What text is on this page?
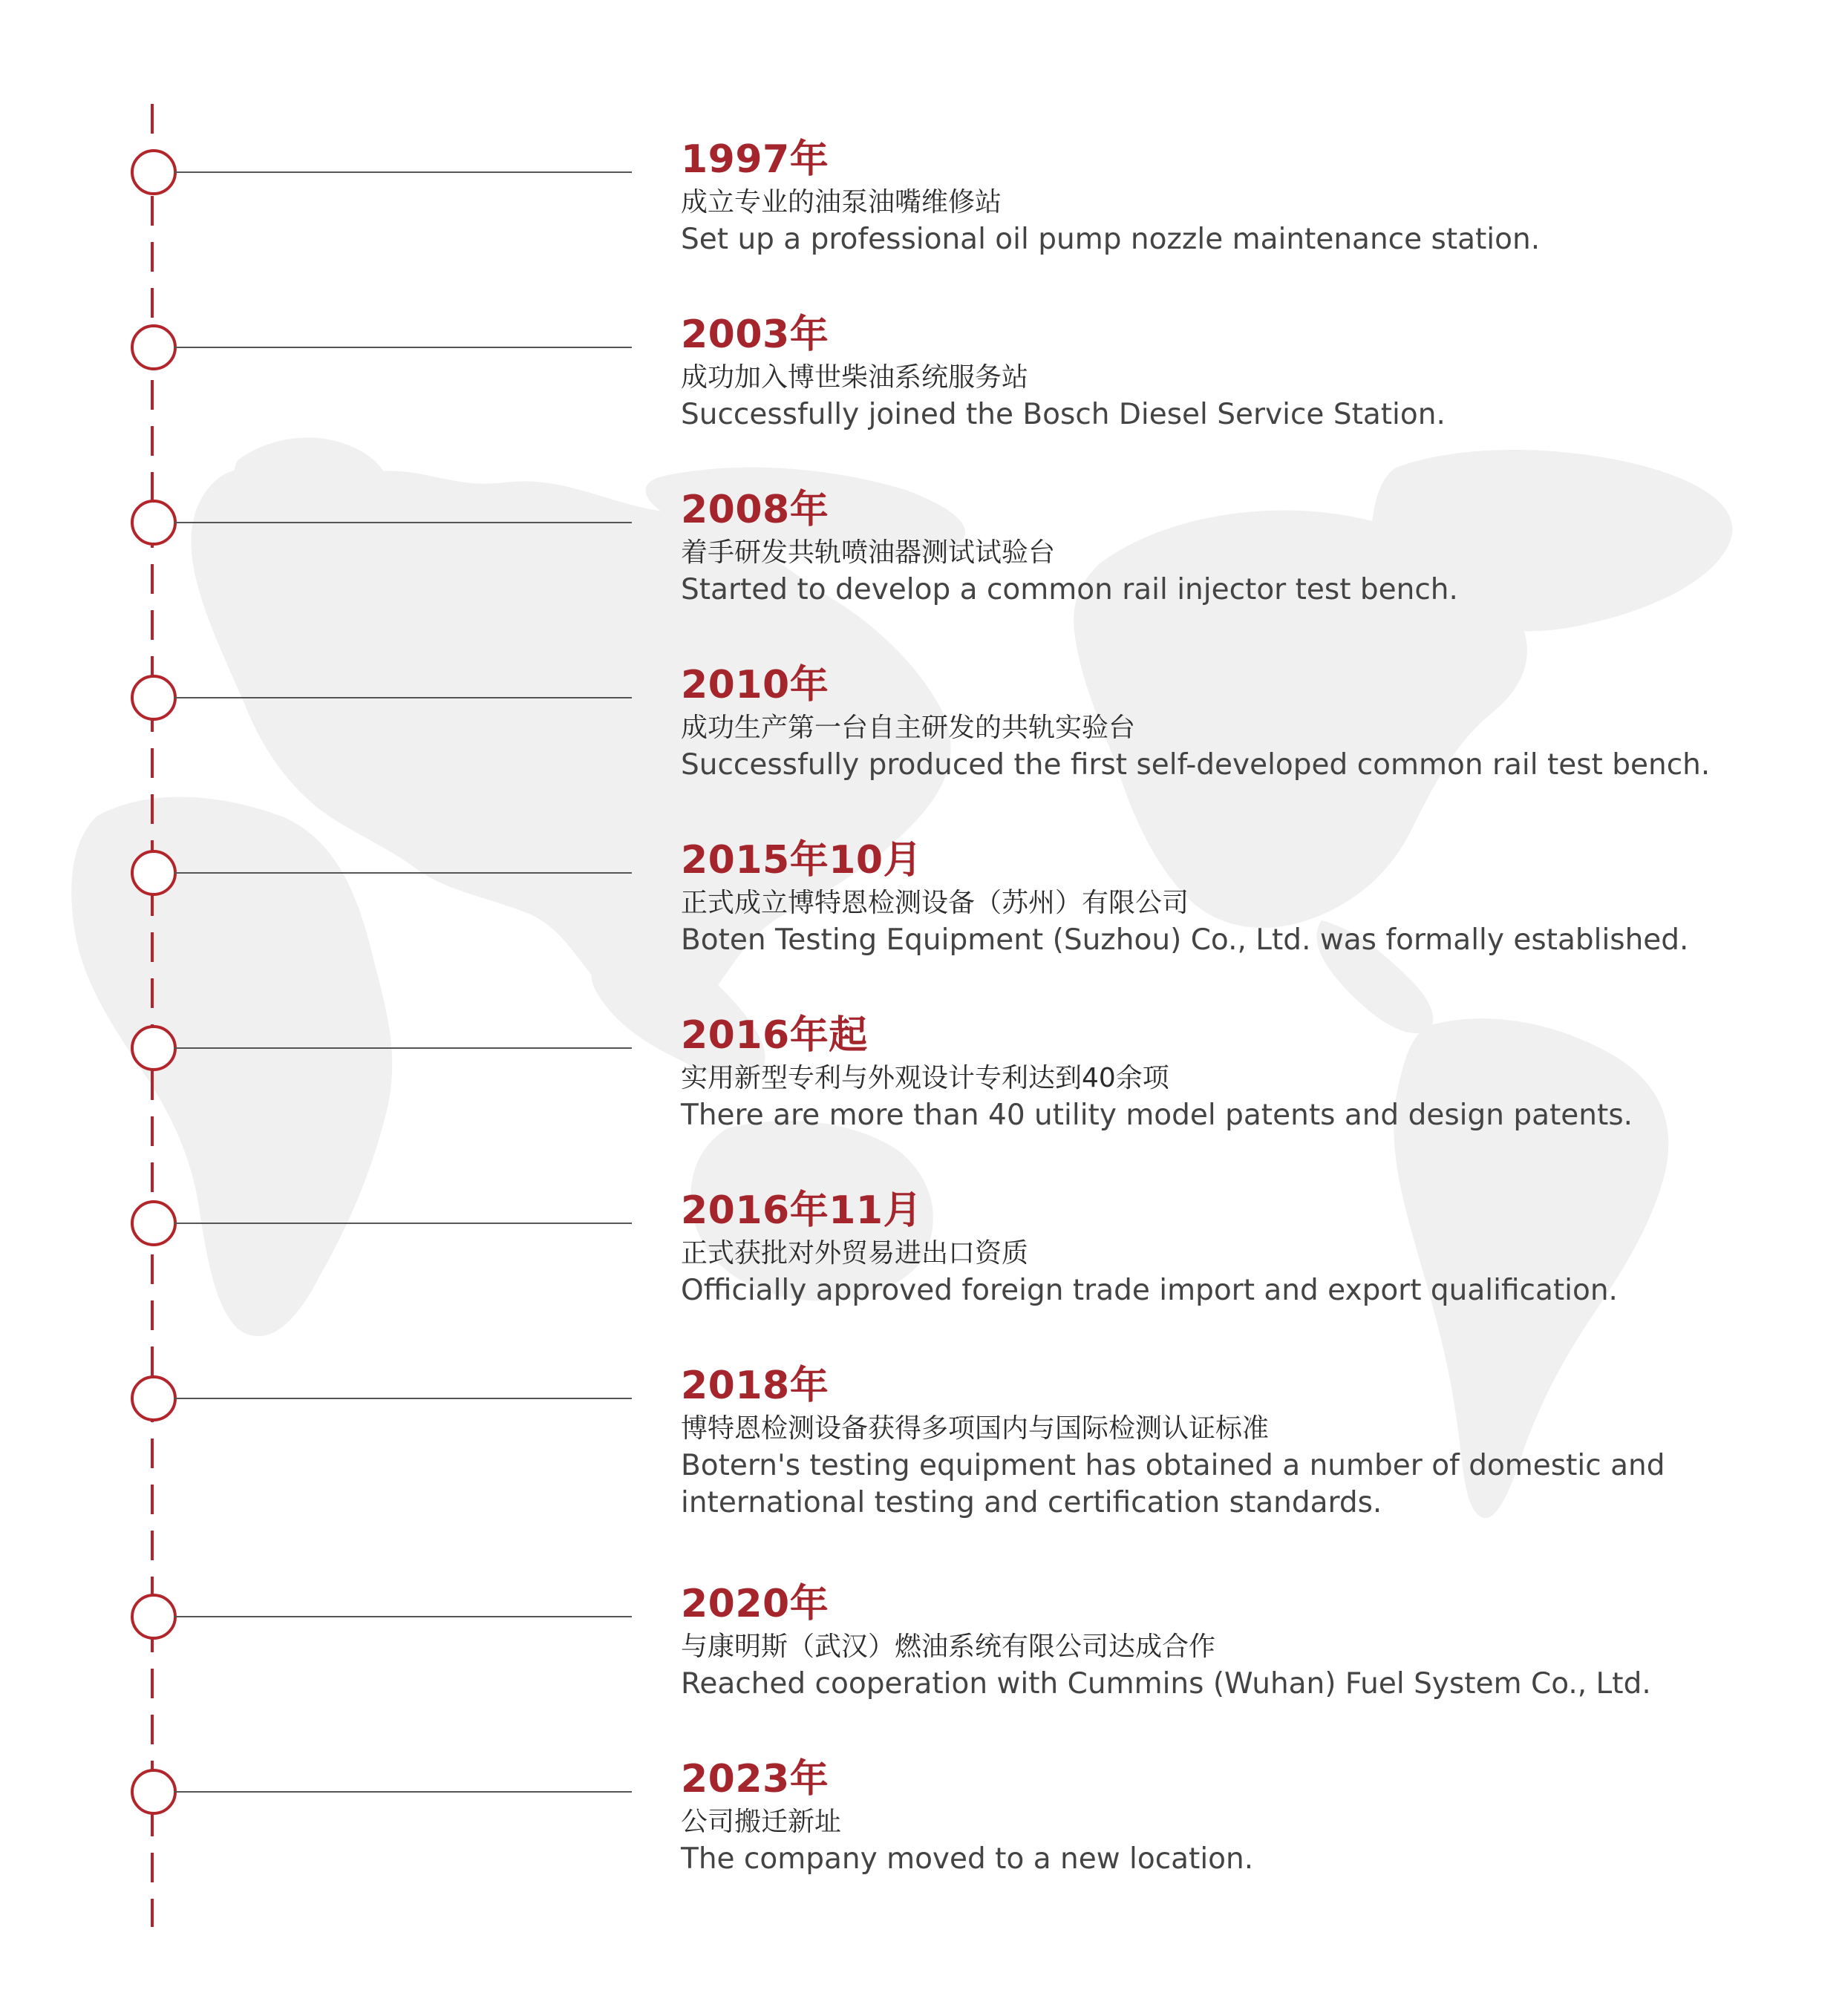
1997年
成立专业的油泵油嘴维修站
Set up a professional oil pump nozzle maintenance station.
2003年
成功加入博世柴油系统服务站
Successfully joined the Bosch Diesel Service Station.
2008年
着手研发共轨喷油器测试试验台
Started to develop a common rail injector test bench.
2010年
成功生产第一台自主研发的共轨实验台
Successfully produced the first self-developed common rail test bench.
2015年10月
正式成立博特恩检测设备（苏州）有限公司
Boten Testing Equipment (Suzhou) Co., Ltd. was formally established.
2016年起
实用新型专利与外观设计专利达到40余项
There are more than 40 utility model patents and design patents.
2016年11月
正式获批对外贸易进出口资质
Officially approved foreign trade import and export qualification.
2018年
博特恩检测设备获得多项国内与国际检测认证标准
Botern's testing equipment has obtained a number of domestic and international testing and certification standards.
2020年
与康明斯（武汉）燃油系统有限公司达成合作
Reached cooperation with Cummins (Wuhan) Fuel System Co., Ltd.
2023年
公司搬迁新址
The company moved to a new location.
